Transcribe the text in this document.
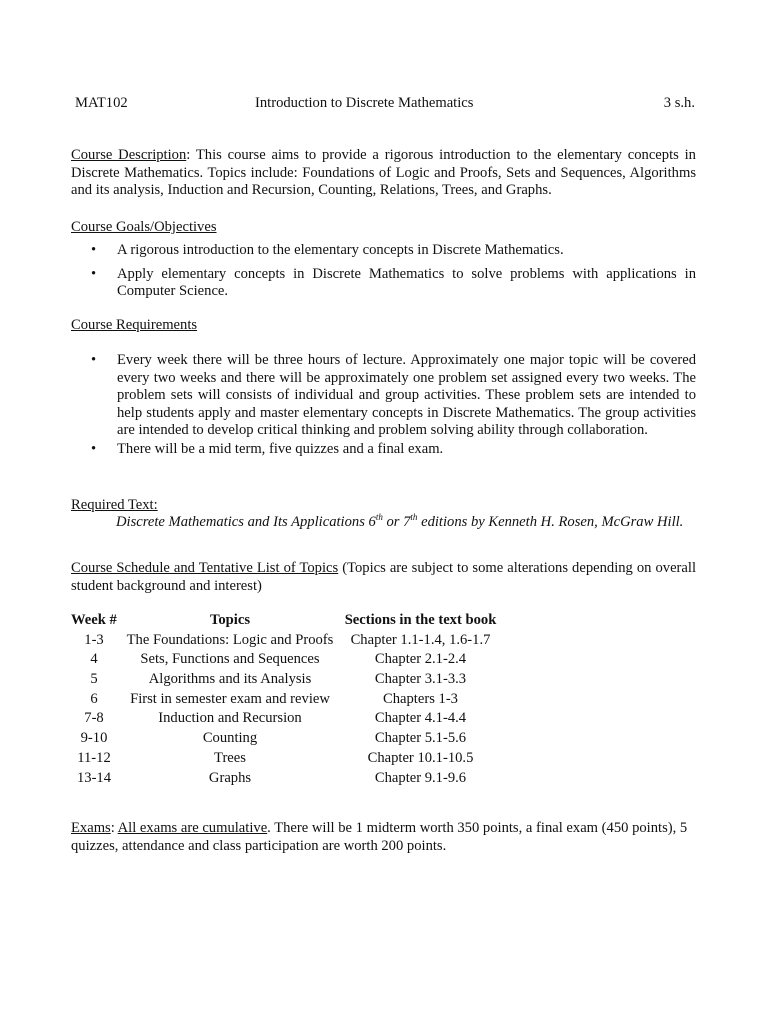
MAT102	Introduction to Discrete Mathematics	3 s.h.
Course Description: This course aims to provide a rigorous introduction to the elementary concepts in Discrete Mathematics. Topics include: Foundations of Logic and Proofs, Sets and Sequences, Algorithms and its analysis, Induction and Recursion, Counting, Relations, Trees, and Graphs.
Course Goals/Objectives
• A rigorous introduction to the elementary concepts in Discrete Mathematics.
• Apply elementary concepts in Discrete Mathematics to solve problems with applications in Computer Science.
Course Requirements
• Every week there will be three hours of lecture. Approximately one major topic will be covered every two weeks and there will be approximately one problem set assigned every two weeks. The problem sets will consists of individual and group activities. These problem sets are intended to help students apply and master elementary concepts in Discrete Mathematics. The group activities are intended to develop critical thinking and problem solving ability through collaboration.
• There will be a mid term, five quizzes and a final exam.
Required Text:
Discrete Mathematics and Its Applications 6th or 7th editions by Kenneth H. Rosen, McGraw Hill.
Course Schedule and Tentative List of Topics (Topics are subject to some alterations depending on overall student background and interest)
Week #	Topics	Sections in the text book
1-3	The Foundations: Logic and Proofs	Chapter 1.1-1.4, 1.6-1.7
4	Sets, Functions and Sequences	Chapter 2.1-2.4
5	Algorithms and its Analysis	Chapter 3.1-3.3
6	First in semester exam and review	Chapters 1-3
7-8	Induction and Recursion	Chapter 4.1-4.4
9-10	Counting	Chapter 5.1-5.6
11-12	Trees	Chapter 10.1-10.5
13-14	Graphs	Chapter 9.1-9.6
Exams: All exams are cumulative. There will be 1 midterm worth 350 points, a final exam (450 points), 5 quizzes, attendance and class participation are worth 200 points.
